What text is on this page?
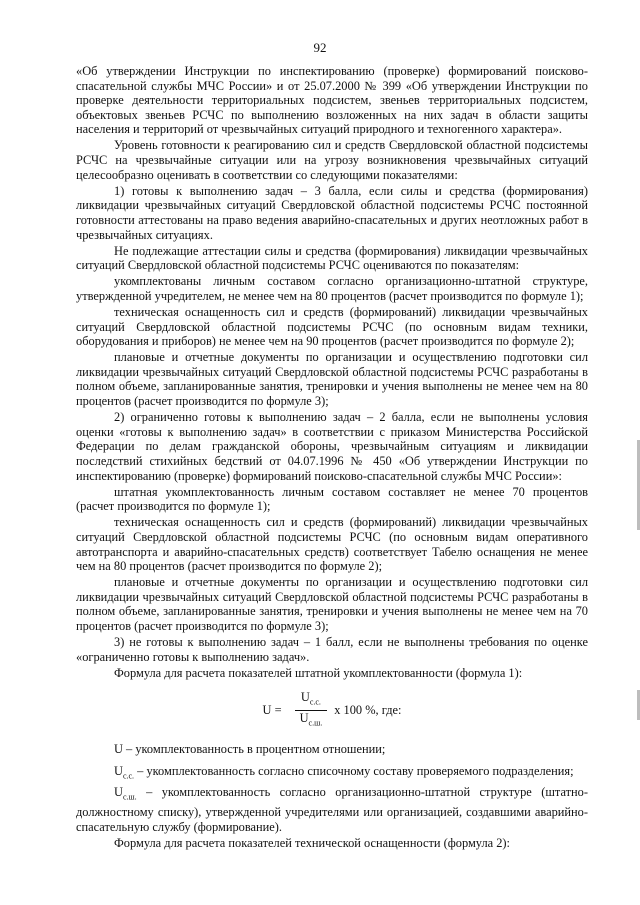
92

«Об утверждении Инструкции по инспектированию (проверке) формирований поисково-спасательной службы МЧС России» и от 25.07.2000 № 399 «Об утверждении Инструкции по проверке деятельности территориальных подсистем, звеньев территориальных подсистем, объектовых звеньев РСЧС по выполнению возложенных на них задач в области защиты населения и территорий от чрезвычайных ситуаций природного и техногенного характера».

Уровень готовности к реагированию сил и средств Свердловской областной подсистемы РСЧС на чрезвычайные ситуации или на угрозу возникновения чрезвычайных ситуаций целесообразно оценивать в соответствии со следующими показателями:

1) готовы к выполнению задач – 3 балла, если силы и средства (формирования) ликвидации чрезвычайных ситуаций Свердловской областной подсистемы РСЧС постоянной готовности аттестованы на право ведения аварийно-спасательных и других неотложных работ в чрезвычайных ситуациях.

Не подлежащие аттестации силы и средства (формирования) ликвидации чрезвычайных ситуаций Свердловской областной подсистемы РСЧС оцениваются по показателям:

укомплектованы личным составом согласно организационно-штатной структуре, утвержденной учредителем, не менее чем на 80 процентов (расчет производится по формуле 1);

техническая оснащенность сил и средств (формирований) ликвидации чрезвычайных ситуаций Свердловской областной подсистемы РСЧС (по основным видам техники, оборудования и приборов) не менее чем на 90 процентов (расчет производится по формуле 2);

плановые и отчетные документы по организации и осуществлению подготовки сил ликвидации чрезвычайных ситуаций Свердловской областной подсистемы РСЧС разработаны в полном объеме, запланированные занятия, тренировки и учения выполнены не менее чем на 80 процентов (расчет производится по формуле 3);

2) ограниченно готовы к выполнению задач – 2 балла, если не выполнены условия оценки «готовы к выполнению задач» в соответствии с приказом Министерства Российской Федерации по делам гражданской обороны, чрезвычайным ситуациям и ликвидации последствий стихийных бедствий от 04.07.1996 № 450 «Об утверждении Инструкции по инспектированию (проверке) формирований поисково-спасательной службы МЧС России»:

штатная укомплектованность личным составом составляет не менее 70 процентов (расчет производится по формуле 1);

техническая оснащенность сил и средств (формирований) ликвидации чрезвычайных ситуаций Свердловской областной подсистемы РСЧС (по основным видам оперативного автотранспорта и аварийно-спасательных средств) соответствует Табелю оснащения не менее чем на 80 процентов (расчет производится по формуле 2);

плановые и отчетные документы по организации и осуществлению подготовки сил ликвидации чрезвычайных ситуаций Свердловской областной подсистемы РСЧС разработаны в полном объеме, запланированные занятия, тренировки и учения выполнены не менее чем на 70 процентов (расчет производится по формуле 3);

3) не готовы к выполнению задач – 1 балл, если не выполнены требования по оценке «ограниченно готовы к выполнению задач».

Формула для расчета показателей штатной укомплектованности (формула 1):

$U = \frac{U_{с.с.}}{U_{с.ш.}}$ x 100 %, где:

U – укомплектованность в процентном отношении;

$U_{с.с.}$ – укомплектованность согласно списочному составу проверяемого подразделения;

$U_{с.ш.}$ – укомплектованность согласно организационно-штатной структуре (штатно-должностному списку), утвержденной учредителями или организацией, создавшими аварийно-спасательную службу (формирование).

Формула для расчета показателей технической оснащенности (формула 2):
